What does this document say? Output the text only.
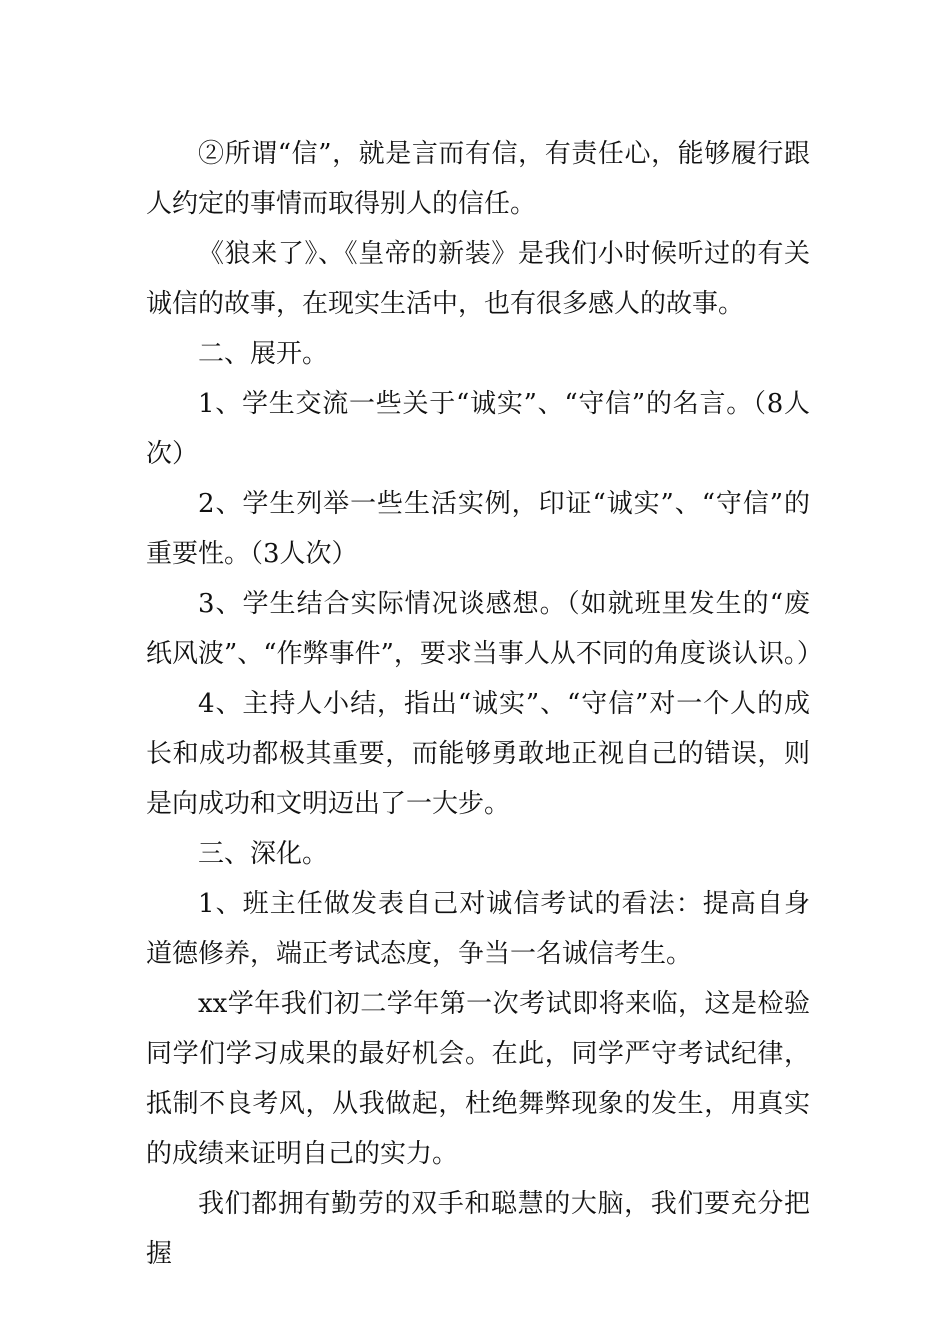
②所谓“信”，就是言而有信，有责任心，能够履行跟人约定的事情而取得别人的信任。

《狼来了》、《皇帝的新装》是我们小时候听过的有关诚信的故事，在现实生活中，也有很多感人的故事。

二、展开。

1、学生交流一些关于“诚实”、“守信”的名言。（8人次）

2、学生列举一些生活实例，印证“诚实”、“守信”的重要性。（3人次）

3、学生结合实际情况谈感想。（如就班里发生的“废纸风波”、“作弊事件”，要求当事人从不同的角度谈认识。）

4、主持人小结，指出“诚实”、“守信”对一个人的成长和成功都极其重要，而能够勇敢地正视自己的错误，则是向成功和文明迈出了一大步。

三、深化。

1、班主任做发表自己对诚信考试的看法：提高自身道德修养，端正考试态度，争当一名诚信考生。

xx学年我们初二学年第一次考试即将来临，这是检验同学们学习成果的最好机会。在此，同学严守考试纪律，抵制不良考风，从我做起，杜绝舞弊现象的发生，用真实的成绩来证明自己的实力。

我们都拥有勤劳的双手和聪慧的大脑，我们要充分把握
